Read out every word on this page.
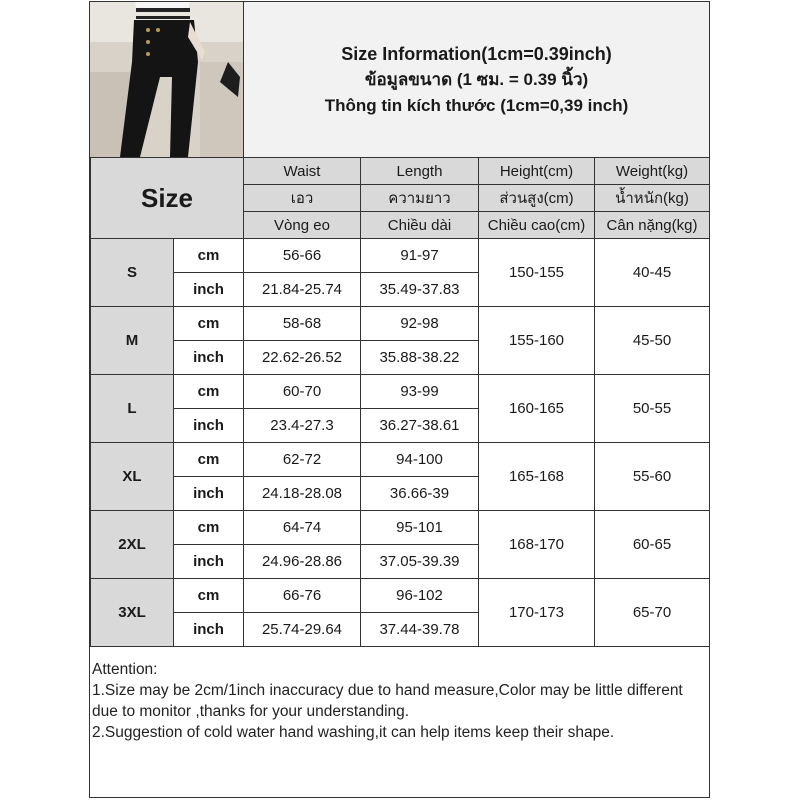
Size Information(1cm=0.39inch)
ข้อมูลขนาด (1 ซม. = 0.39 นิ้ว)
Thông tin kích thước (1cm=0,39 inch)
Size		Waist	Length	Height(cm)	Weight(kg)
		เอว	ความยาว	ส่วนสูง(cm)	น้ำหนัก(kg)
		Vòng eo	Chiều dài	Chiều cao(cm)	Cân nặng(kg)
S	cm	56-66	91-97	150-155	40-45
	inch	21.84-25.74	35.49-37.83		
M	cm	58-68	92-98	155-160	45-50
	inch	22.62-26.52	35.88-38.22		
L	cm	60-70	93-99	160-165	50-55
	inch	23.4-27.3	36.27-38.61		
XL	cm	62-72	94-100	165-168	55-60
	inch	24.18-28.08	36.66-39		
2XL	cm	64-74	95-101	168-170	60-65
	inch	24.96-28.86	37.05-39.39		
3XL	cm	66-76	96-102	170-173	65-70
	inch	25.74-29.64	37.44-39.78		
Attention:
1.Size may be 2cm/1inch inaccuracy due to hand measure,Color may be little different due to monitor ,thanks for your understanding.
2.Suggestion of cold water hand washing,it can help items keep their shape.
